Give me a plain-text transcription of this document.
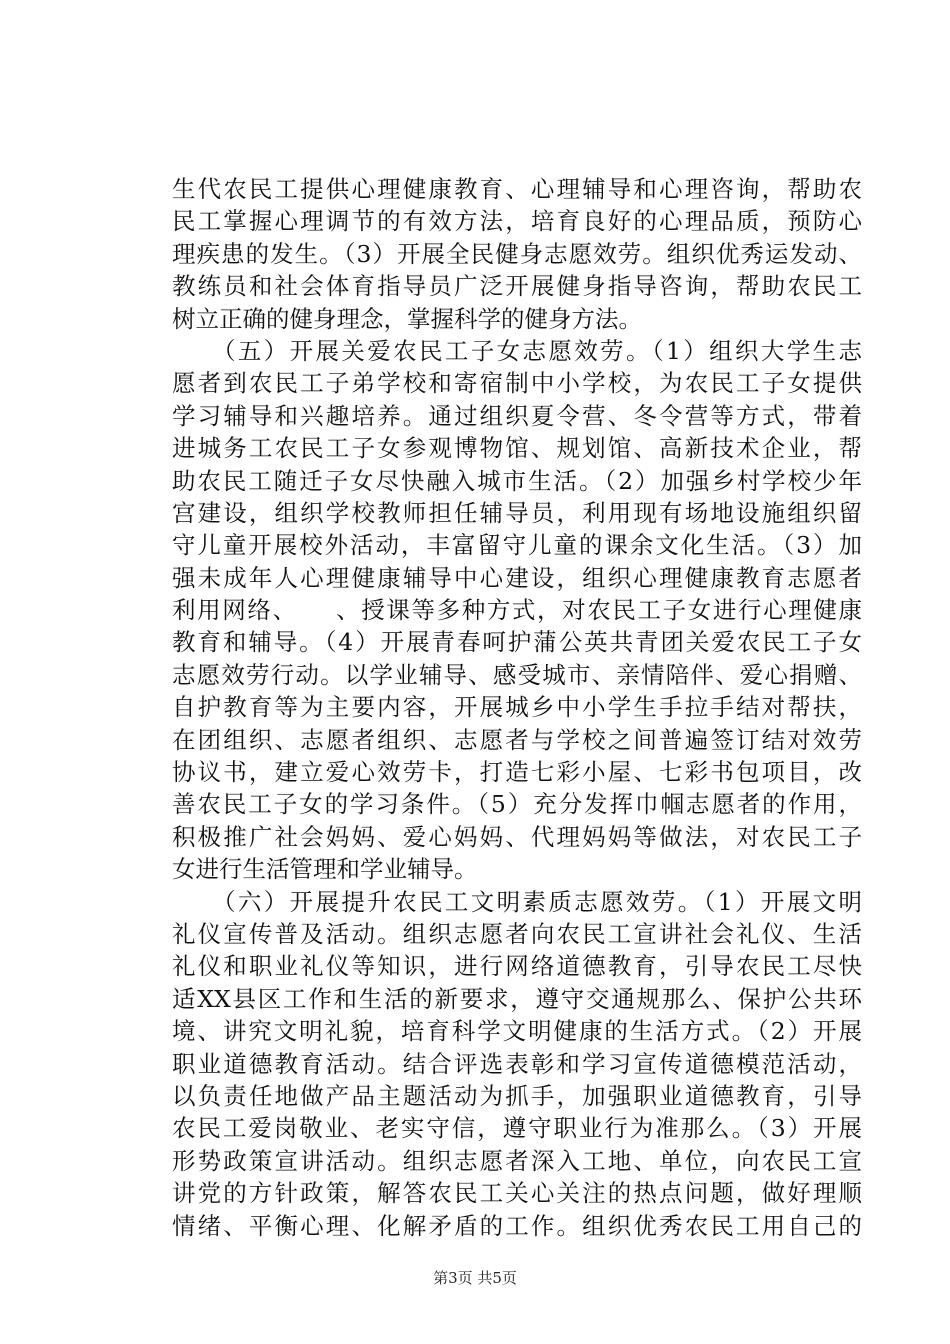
生代农民工提供心理健康教育、心理辅导和心理咨询，帮助农
民工掌握心理调节的有效方法，培育良好的心理品质，预防心
理疾患的发生。（3）开展全民健身志愿效劳。组织优秀运发动、
教练员和社会体育指导员广泛开展健身指导咨询，帮助农民工
树立正确的健身理念，掌握科学的健身方法。
　　（五）开展关爱农民工子女志愿效劳。（1）组织大学生志
愿者到农民工子弟学校和寄宿制中小学校，为农民工子女提供
学习辅导和兴趣培养。通过组织夏令营、冬令营等方式，带着
进城务工农民工子女参观博物馆、规划馆、高新技术企业，帮
助农民工随迁子女尽快融入城市生活。（2）加强乡村学校少年
宫建设，组织学校教师担任辅导员，利用现有场地设施组织留
守儿童开展校外活动，丰富留守儿童的课余文化生活。（3）加
强未成年人心理健康辅导中心建设，组织心理健康教育志愿者
利用网络、　　、授课等多种方式，对农民工子女进行心理健康
教育和辅导。（4）开展青春呵护蒲公英共青团关爱农民工子女
志愿效劳行动。以学业辅导、感受城市、亲情陪伴、爱心捐赠、
自护教育等为主要内容，开展城乡中小学生手拉手结对帮扶，
在团组织、志愿者组织、志愿者与学校之间普遍签订结对效劳
协议书，建立爱心效劳卡，打造七彩小屋、七彩书包项目，改
善农民工子女的学习条件。（5）充分发挥巾帼志愿者的作用，
积极推广社会妈妈、爱心妈妈、代理妈妈等做法，对农民工子
女进行生活管理和学业辅导。
　　（六）开展提升农民工文明素质志愿效劳。（1）开展文明
礼仪宣传普及活动。组织志愿者向农民工宣讲社会礼仪、生活
礼仪和职业礼仪等知识，进行网络道德教育，引导农民工尽快
适XX县区工作和生活的新要求，遵守交通规那么、保护公共环
境、讲究文明礼貌，培育科学文明健康的生活方式。（2）开展
职业道德教育活动。结合评选表彰和学习宣传道德模范活动，
以负责任地做产品主题活动为抓手，加强职业道德教育，引导
农民工爱岗敬业、老实守信，遵守职业行为准那么。（3）开展
形势政策宣讲活动。组织志愿者深入工地、单位，向农民工宣
讲党的方针政策，解答农民工关心关注的热点问题，做好理顺
情绪、平衡心理、化解矛盾的工作。组织优秀农民工用自己的
第3页 共5页
